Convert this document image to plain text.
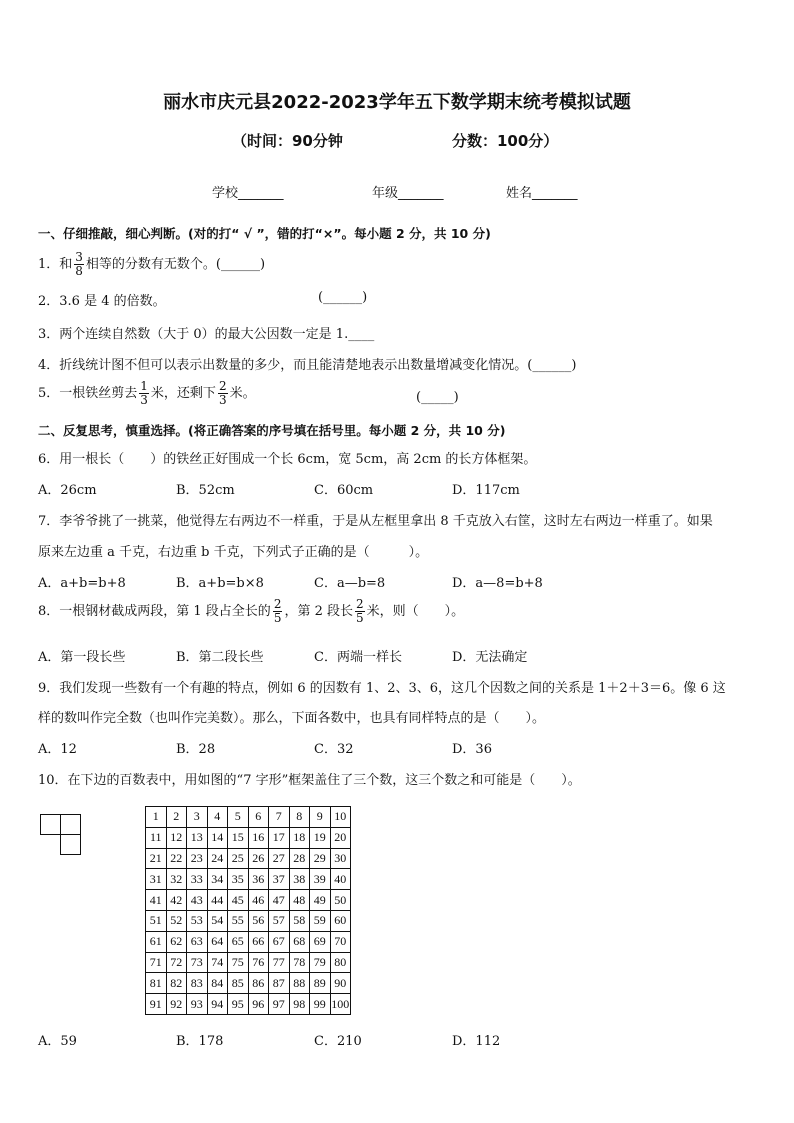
丽水市庆元县2022-2023学年五下数学期末统考模拟试题
（时间：90分钟	分数：100分）
学校_______	年级_______	姓名_______
一、仔细推敲，细心判断。(对的打“ √ ”，错的打“×”。每小题 2 分，共 10 分)
1．和 $\frac{3}{8}$ 相等的分数有无数个。(______)
2．3.6 是 4 的倍数。	(______)
3．两个连续自然数（大于 0）的最大公因数一定是 1.____
4．折线统计图不但可以表示出数量的多少，而且能清楚地表示出数量增减变化情况。(______)
5．一根铁丝剪去 $\frac{1}{3}$ 米，还剩下 $\frac{2}{3}$ 米。	(_____)
二、反复思考，慎重选择。(将正确答案的序号填在括号里。每小题 2 分，共 10 分)
6．用一根长（　　）的铁丝正好围成一个长 6cm，宽 5cm，高 2cm 的长方体框架。
A．26cm	B．52cm	C．60cm	D．117cm
7．李爷爷挑了一挑菜，他觉得左右两边不一样重，于是从左框里拿出 8 千克放入右筐，这时左右两边一样重了。如果
原来左边重 a 千克，右边重 b 千克，下列式子正确的是（　　　）。
A．a+b=b+8	B．a+b=b×8	C．a—b=8	D．a—8=b+8
8．一根钢材截成两段，第 1 段占全长的 $\frac{2}{5}$ ，第 2 段长 $\frac{2}{5}$ 米，则（　　）。
A．第一段长些	B．第二段长些	C．两端一样长	D．无法确定
9．我们发现一些数有一个有趣的特点，例如 6 的因数有 1、2、3、6，这几个因数之间的关系是 1＋2＋3＝6。像 6 这
样的数叫作完全数（也叫作完美数）。那么，下面各数中，也具有同样特点的是（　　）。
A．12	B．28	C．32	D．36
10．在下边的百数表中，用如图的“7 字形”框架盖住了三个数，这三个数之和可能是（　　）。
1	2	3	4	5	6	7	8	9	10
11	12	13	14	15	16	17	18	19	20
21	22	23	24	25	26	27	28	29	30
31	32	33	34	35	36	37	38	39	40
41	42	43	44	45	46	47	48	49	50
51	52	53	54	55	56	57	58	59	60
61	62	63	64	65	66	67	68	69	70
71	72	73	74	75	76	77	78	79	80
81	82	83	84	85	86	87	88	89	90
91	92	93	94	95	96	97	98	99	100
A．59	B．178	C．210	D．112
